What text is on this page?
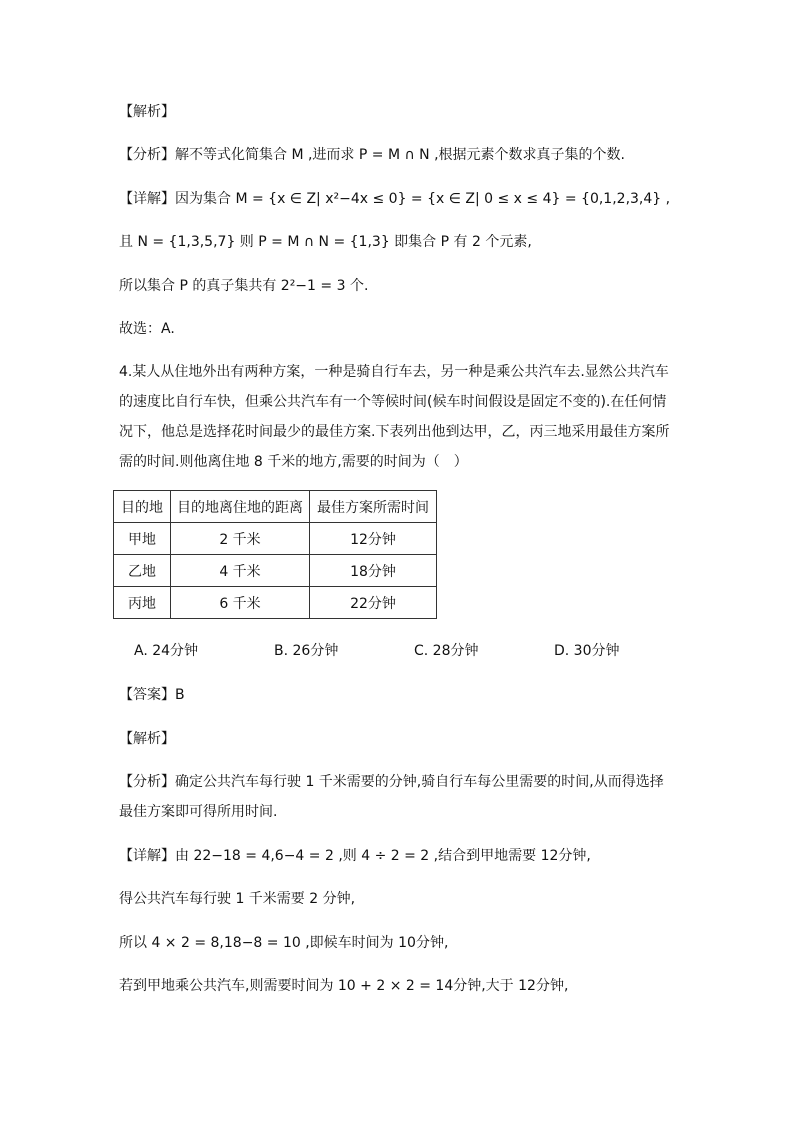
【解析】
【分析】解不等式化简集合 M ,进而求 P = M ∩ N ,根据元素个数求真子集的个数.
【详解】因为集合 M = {x ∈ Z| x²−4x ≤ 0} = {x ∈ Z| 0 ≤ x ≤ 4} = {0,1,2,3,4} ,
且 N = {1,3,5,7} 则 P = M ∩ N = {1,3} 即集合 P 有 2 个元素,
所以集合 P 的真子集共有 2²−1 = 3 个.
故选：A.
4.某人从住地外出有两种方案，一种是骑自行车去，另一种是乘公共汽车去.显然公共汽车
的速度比自行车快，但乘公共汽车有一个等候时间(候车时间假设是固定不变的).在任何情
况下，他总是选择花时间最少的最佳方案.下表列出他到达甲，乙，丙三地采用最佳方案所
需的时间.则他离住地 8 千米的地方,需要的时间为（　）
目的地	目的地离住地的距离	最佳方案所需时间
甲地	2 千米	12分钟
乙地	4 千米	18分钟
丙地	6 千米	22分钟
A. 24分钟	B. 26分钟	C. 28分钟	D. 30分钟
【答案】B
【解析】
【分析】确定公共汽车每行驶 1 千米需要的分钟,骑自行车每公里需要的时间,从而得选择
最佳方案即可得所用时间.
【详解】由 22−18 = 4,6−4 = 2 ,则 4 ÷ 2 = 2 ,结合到甲地需要 12分钟,
得公共汽车每行驶 1 千米需要 2 分钟,
所以 4 × 2 = 8,18−8 = 10 ,即候车时间为 10分钟,
若到甲地乘公共汽车,则需要时间为 10 + 2 × 2 = 14分钟,大于 12分钟,
